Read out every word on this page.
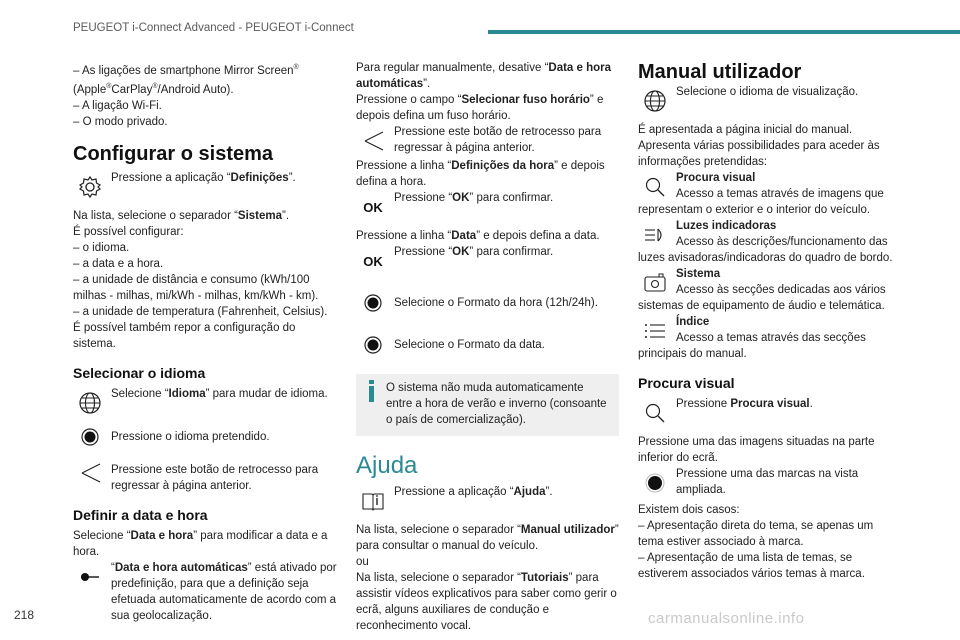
PEUGEOT i-Connect Advanced - PEUGEOT i-Connect

– As ligações de smartphone Mirror Screen®

(Apple®CarPlay®/Android Auto).

– A ligação Wi-Fi.

– O modo privado.

Configurar o sistema
Pressione a aplicação “Definições”.

Na lista, selecione o separador “Sistema”.

É possível configurar:

– o idioma.

– a data e a hora.

– a unidade de distância e consumo (kWh/100

milhas - milhas, mi/kWh - milhas, km/kWh - km).

– a unidade de temperatura (Fahrenheit, Celsius).

É possível também repor a configuração do sistema.

Selecionar o idioma
Selecione “Idioma” para mudar de idioma.
Pressione o idioma pretendido.
Pressione este botão de retrocesso para regressar à página anterior.
Definir a data e hora

Selecione “Data e hora” para modificar a data e a hora.

“Data e hora automáticas” está ativado por predefinição, para que a definição seja efetuada automaticamente de acordo com a sua geolocalização.

Para regular manualmente, desative “Data e hora automáticas”.

Pressione o campo “Selecionar fuso horário” e depois defina um fuso horário.

Pressione este botão de retrocesso para regressar à página anterior.

Pressione a linha “Definições da hora” e depois defina a hora.

OK
Pressione “OK” para confirmar.

Pressione a linha “Data” e depois defina a data.

OK
Pressione “OK” para confirmar.
Selecione o Formato da hora (12h/24h).
Selecione o Formato da data.

O sistema não muda automaticamente entre a hora de verão e inverno (consoante o país de comercialização).

Ajuda
Pressione a aplicação “Ajuda”.

Na lista, selecione o separador “Manual utilizador” para consultar o manual do veículo.

ou

Na lista, selecione o separador “Tutoriais” para assistir vídeos explicativos para saber como gerir o ecrã, alguns auxiliares de condução e reconhecimento vocal.

Manual utilizador
Selecione o idioma de visualização.

É apresentada a página inicial do manual.

Apresenta várias possibilidades para aceder às informações pretendidas:

Procura visual

Acesso a temas através de imagens que representam o exterior e o interior do veículo.

Luzes indicadoras

Acesso às descrições/funcionamento das luzes avisadoras/indicadoras do quadro de bordo.

Sistema

Acesso às secções dedicadas aos vários sistemas de equipamento de áudio e telemática.

Índice

Acesso a temas através das secções principais do manual.

Procura visual
Pressione Procura visual.

Pressione uma das imagens situadas na parte inferior do ecrã.

Pressione uma das marcas na vista ampliada.

Existem dois casos:

– Apresentação direta do tema, se apenas um tema estiver associado à marca.

– Apresentação de uma lista de temas, se estiverem associados vários temas à marca.

218	carmanualsonline.info
